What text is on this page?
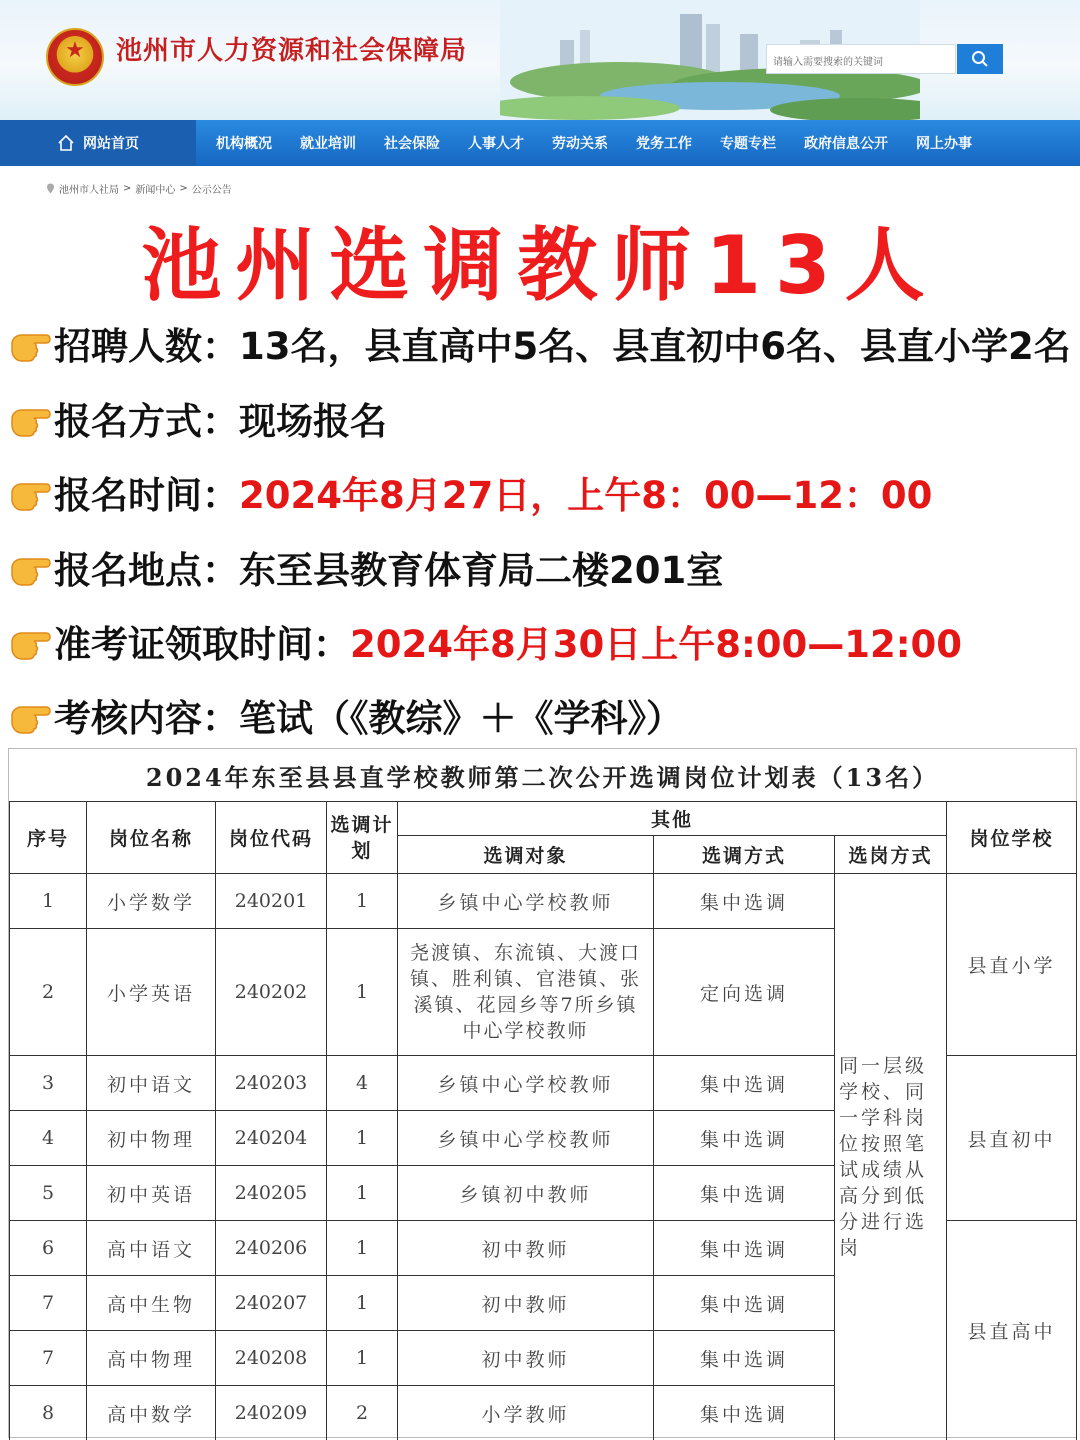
★	池州市人力资源和社会保障局	请输入需要搜索的关键词
网站首页	机构概况	就业培训	社会保险	人事人才	劳动关系	党务工作	专题专栏	政府信息公开	网上办事
池州市人社局 > 新闻中心 > 公示公告
池州选调教师13人
招聘人数： 13名，县直高中5名、县直初中6名、县直小学2名
报名方式： 现场报名
报名时间： 2024年8月27日，上午8：00—12：00
报名地点： 东至县教育体育局二楼201室
准考证领取时间： 2024年8月30日上午8:00—12:00
考核内容： 笔试（《教综》＋《学科》）
2024年东至县县直学校教师第二次公开选调岗位计划表（13名）
序号	岗位名称	岗位代码	选调计划	其他			岗位学校
				选调对象	选调方式	选岗方式	
1	小学数学	240201	1	乡镇中心学校教师	集中选调	同一层级学校、同一学科岗位按照笔试成绩从高分到低分进行选岗	县直小学
2	小学英语	240202	1	尧渡镇、东流镇、大渡口镇、胜利镇、官港镇、张溪镇、花园乡等7所乡镇中心学校教师	定向选调		
3	初中语文	240203	4	乡镇中心学校教师	集中选调		县直初中
4	初中物理	240204	1	乡镇中心学校教师	集中选调		
5	初中英语	240205	1	乡镇初中教师	集中选调		
6	高中语文	240206	1	初中教师	集中选调		县直高中
7	高中生物	240207	1	初中教师	集中选调		
7	高中物理	240208	1	初中教师	集中选调		
8	高中数学	240209	2	小学教师	集中选调		
